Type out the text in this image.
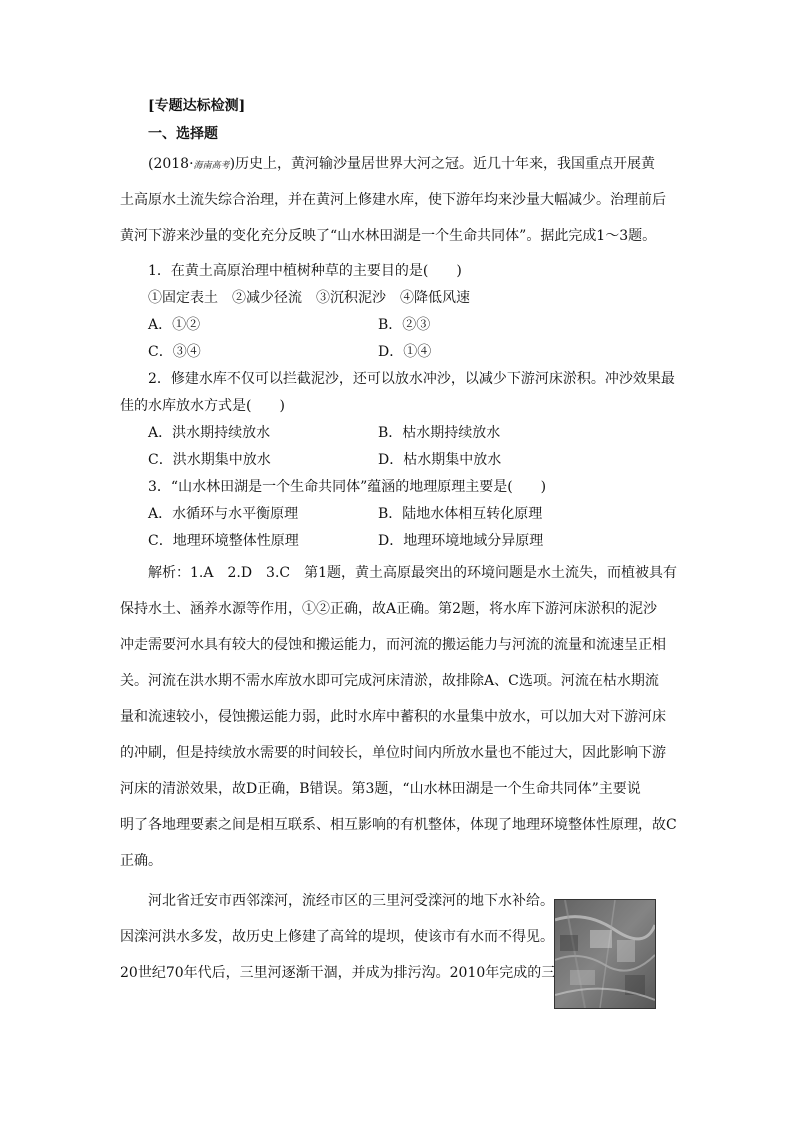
[专题达标检测]

一、选择题

(2018·海南高考)历史上，黄河输沙量居世界大河之冠。近几十年来，我国重点开展黄

土高原水土流失综合治理，并在黄河上修建水库，使下游年均来沙量大幅减少。治理前后

黄河下游来沙量的变化充分反映了“山水林田湖是一个生命共同体”。据此完成1～3题。

1．在黄土高原治理中植树种草的主要目的是(　　)

①固定表土　②减少径流　③沉积泥沙　④降低风速

A．①②	B．②③

C．③④	D．①④

2．修建水库不仅可以拦截泥沙，还可以放水冲沙，以减少下游河床淤积。冲沙效果最

佳的水库放水方式是(　　)

A．洪水期持续放水	B．枯水期持续放水

C．洪水期集中放水	D．枯水期集中放水

3．“山水林田湖是一个生命共同体”蕴涵的地理原理主要是(　　)

A．水循环与水平衡原理	B．陆地水体相互转化原理

C．地理环境整体性原理	D．地理环境地域分异原理

解析：1.A　2.D　3.C　第1题，黄土高原最突出的环境问题是水土流失，而植被具有

保持水土、涵养水源等作用，①②正确，故A正确。第2题，将水库下游河床淤积的泥沙

冲走需要河水具有较大的侵蚀和搬运能力，而河流的搬运能力与河流的流量和流速呈正相

关。河流在洪水期不需水库放水即可完成河床清淤，故排除A、C选项。河流在枯水期流

量和流速较小，侵蚀搬运能力弱，此时水库中蓄积的水量集中放水，可以加大对下游河床

的冲刷，但是持续放水需要的时间较长，单位时间内所放水量也不能过大，因此影响下游

河床的清淤效果，故D正确，B错误。第3题，“山水林田湖是一个生命共同体”主要说

明了各地理要素之间是相互联系、相互影响的有机整体，体现了地理环境整体性原理，故C

正确。

河北省迁安市西邻滦河，流经市区的三里河受滦河的地下水补给。

因滦河洪水多发，故历史上修建了高耸的堤坝，使该市有水而不得见。

20世纪70年代后，三里河逐渐干涸，并成为排污沟。2010年完成的三
